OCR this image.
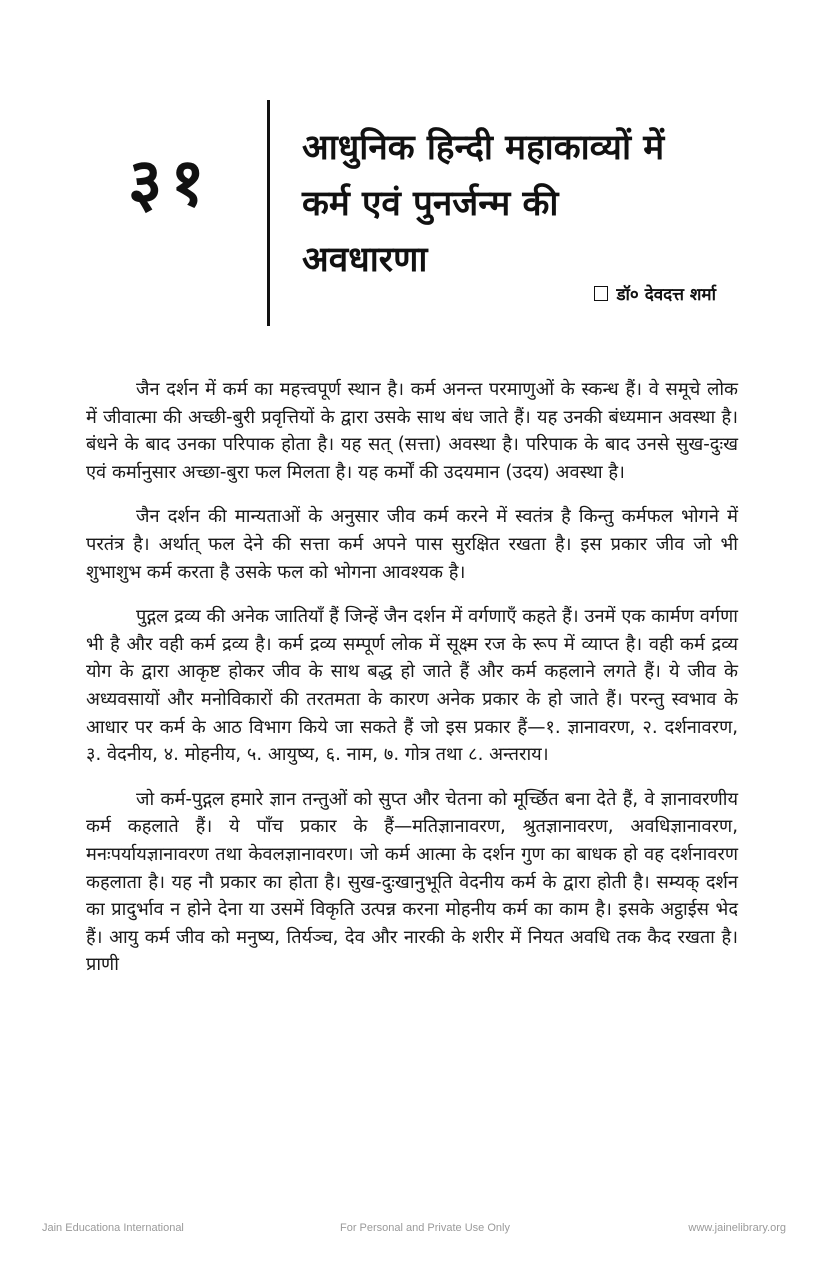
३१	आधुनिक हिन्दी महाकाव्यों में
कर्म एवं पुनर्जन्म की
अवधारणा
डॉ० देवदत्त शर्मा

जैन दर्शन में कर्म का महत्त्वपूर्ण स्थान है। कर्म अनन्त परमाणुओं के स्कन्ध हैं। वे समूचे लोक में जीवात्मा की अच्छी-बुरी प्रवृत्तियों के द्वारा उसके साथ बंध जाते हैं। यह उनकी बंध्यमान अवस्था है। बंधने के बाद उनका परिपाक होता है। यह सत् (सत्ता) अवस्था है। परिपाक के बाद उनसे सुख-दुःख एवं कर्मानुसार अच्छा-बुरा फल मिलता है। यह कर्मों की उदयमान (उदय) अवस्था है।

जैन दर्शन की मान्यताओं के अनुसार जीव कर्म करने में स्वतंत्र है किन्तु कर्मफल भोगने में परतंत्र है। अर्थात् फल देने की सत्ता कर्म अपने पास सुरक्षित रखता है। इस प्रकार जीव जो भी शुभाशुभ कर्म करता है उसके फल को भोगना आवश्यक है।

पुद्गल द्रव्य की अनेक जातियाँ हैं जिन्हें जैन दर्शन में वर्गणाएँ कहते हैं। उनमें एक कार्मण वर्गणा भी है और वही कर्म द्रव्य है। कर्म द्रव्य सम्पूर्ण लोक में सूक्ष्म रज के रूप में व्याप्त है। वही कर्म द्रव्य योग के द्वारा आकृष्ट होकर जीव के साथ बद्ध हो जाते हैं और कर्म कहलाने लगते हैं। ये जीव के अध्यवसायों और मनोविकारों की तरतमता के कारण अनेक प्रकार के हो जाते हैं। परन्तु स्वभाव के आधार पर कर्म के आठ विभाग किये जा सकते हैं जो इस प्रकार हैं—१. ज्ञानावरण, २. दर्शनावरण, ३. वेदनीय, ४. मोहनीय, ५. आयुष्य, ६. नाम, ७. गोत्र तथा ८. अन्तराय।

जो कर्म-पुद्गल हमारे ज्ञान तन्तुओं को सुप्त और चेतना को मूर्च्छित बना देते हैं, वे ज्ञानावरणीय कर्म कहलाते हैं। ये पाँच प्रकार के हैं—मतिज्ञानावरण, श्रुतज्ञानावरण, अवधिज्ञानावरण, मनःपर्यायज्ञानावरण तथा केवलज्ञानावरण। जो कर्म आत्मा के दर्शन गुण का बाधक हो वह दर्शनावरण कहलाता है। यह नौ प्रकार का होता है। सुख-दुःखानुभूति वेदनीय कर्म के द्वारा होती है। सम्यक् दर्शन का प्रादुर्भाव न होने देना या उसमें विकृति उत्पन्न करना मोहनीय कर्म का काम है। इसके अट्ठाईस भेद हैं। आयु कर्म जीव को मनुष्य, तिर्यञ्च, देव और नारकी के शरीर में नियत अवधि तक कैद रखता है। प्राणी

Jain Educationa International	For Personal and Private Use Only	www.jainelibrary.org
